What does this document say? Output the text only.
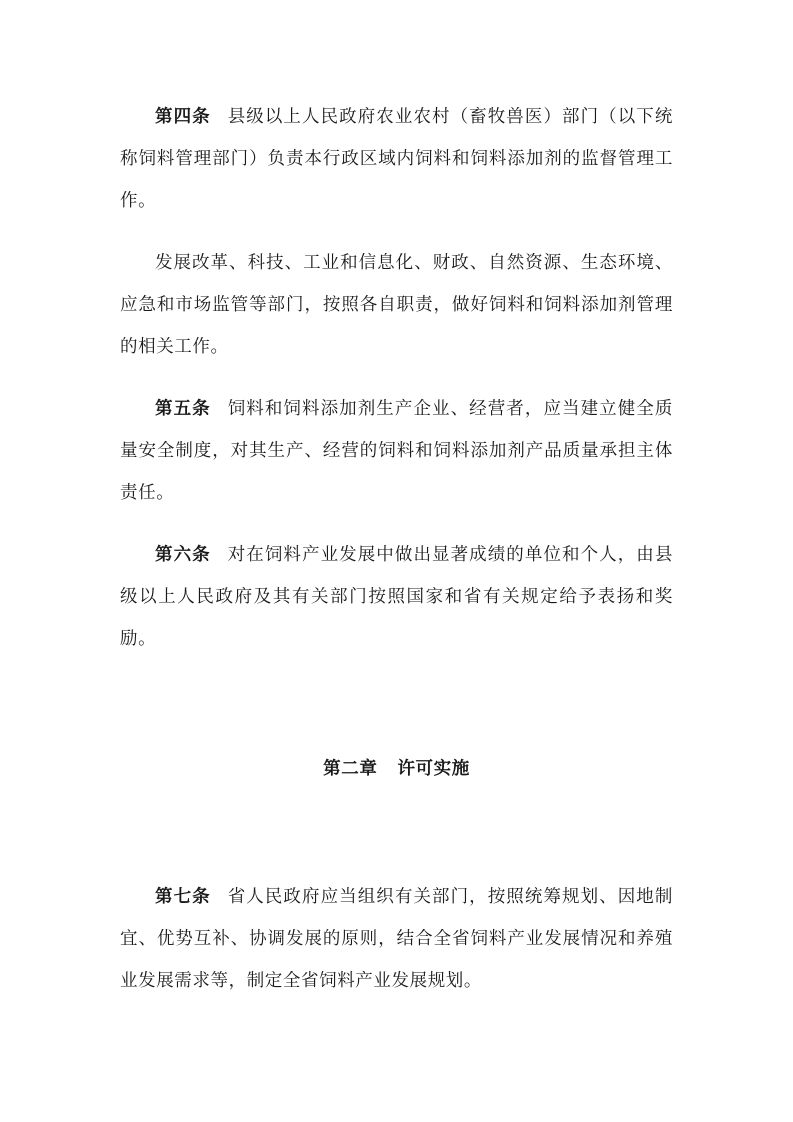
第四条 县级以上人民政府农业农村（畜牧兽医）部门（以下统称饲料管理部门）负责本行政区域内饲料和饲料添加剂的监督管理工作。

发展改革、科技、工业和信息化、财政、自然资源、生态环境、应急和市场监管等部门，按照各自职责，做好饲料和饲料添加剂管理的相关工作。

第五条 饲料和饲料添加剂生产企业、经营者，应当建立健全质量安全制度，对其生产、经营的饲料和饲料添加剂产品质量承担主体责任。

第六条 对在饲料产业发展中做出显著成绩的单位和个人，由县级以上人民政府及其有关部门按照国家和省有关规定给予表扬和奖励。

第二章 许可实施

第七条 省人民政府应当组织有关部门，按照统筹规划、因地制宜、优势互补、协调发展的原则，结合全省饲料产业发展情况和养殖业发展需求等，制定全省饲料产业发展规划。
